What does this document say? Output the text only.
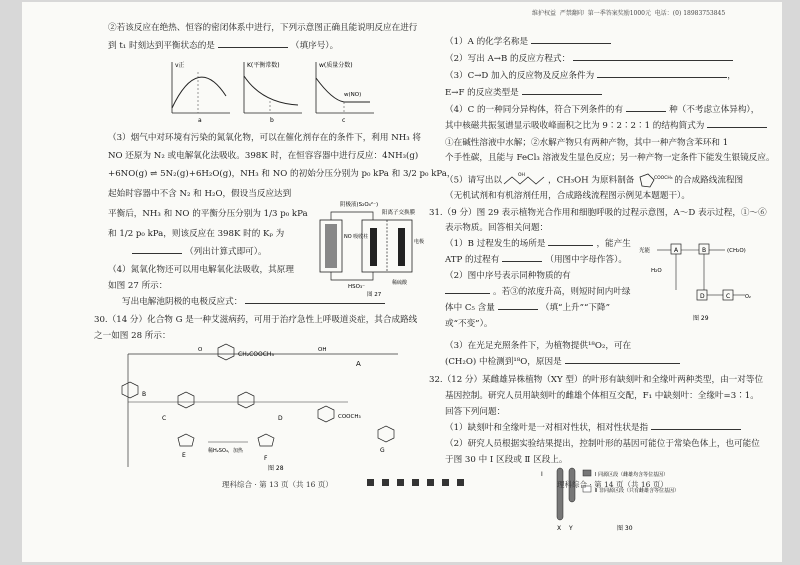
②若该反应在绝热、恒容的密闭体系中进行，下列示意图正确且能说明反应在进行
到 t₁ 时刻达到平衡状态的是	（填序号）。
v正
a
K(平衡常数)
b
w(质量分数)
w(NO)
c
（3）烟气中对环境有污染的氮氧化物，可以在催化剂存在的条件下，利用 NH₃ 将
NO 还原为 N₂ 或电解氧化法吸收。398K 时，在恒容容器中进行反应：4NH₃(g)
+6NO(g) ⇌ 5N₂(g)+6H₂O(g)，NH₃ 和 NO 的初始分压分别为 p₀ kPa 和 3/2 p₀ kPa，
起始时容器中不含 N₂ 和 H₂O，假设当反应达到
平衡后，NH₃ 和 NO 的平衡分压分别为 1/3 p₀ kPa
和 1/2 p₀ kPa，则该反应在 398K 时的 Kₚ 为
（列出计算式即可）。
（4）氮氧化物还可以用电解氧化法吸收，其原理
如图 27 所示：
写出电解池阴极的电极反应式：
阴极液(S₂O₄²⁻)
阳离子交换膜
NO 吸收柱
HSO₃⁻
电极
稀硫酸
图 27
30.（14 分）化合物 G 是一种艾滋病药，可用于治疗急性上呼吸道炎症，其合成路线
之一如图 28 所示：
O
CH₂COOCH₃
OH
A
B
C	D	COOCH₃
G
E
稀H₂SO₄，加热
F
图 28
理科综合 · 第 13 页（共 16 页）
维护权益 严禁翻印 第一季答案奖励1000元 电话：(0) 18983753845
（1）A 的化学名称是
（2）写出 A→B 的反应方程式：
（3）C→D 加入的反应物及反应条件为	，
E→F 的反应类型是
（4）C 的一种同分异构体，符合下列条件的有	种（不考虑立体异构），
其中核磁共振氢谱显示吸收峰面积之比为 9∶2∶2∶1 的结构简式为
①在碱性溶液中水解；②水解产物只有两种产物，其中一种产物含苯环和 1
个手性碳，且能与 FeCl₃ 溶液发生显色反应；另一种产物一定条件下能发生银镜反应。
（5）请写出以	OH	，CH₃OH 为原料制备	COOCH₃ 的合成路线流程图
（无机试剂和有机溶剂任用，合成路线流程图示例见本题题干）。
31.（9 分）图 29 表示植物光合作用和细胞呼吸的过程示意图，A～D 表示过程，①～⑥
表示物质。回答相关问题：
（1）B 过程发生的场所是	，能产生
ATP 的过程有	（用图中字母作答）。
（2）图中序号表示同种物质的有
。若③的浓度升高，则短时间内叶绿
体中 C₅ 含量	（填“上升”“下降”
或“不变”）。
（3）在光足充照条件下，为植物提供¹⁸O₂，可在
(CH₂O) 中检测到¹⁸O，原因是
光能	A	B	(CH₂O)
H₂O
D	C	O₂
图 29
32.（12 分）某雌雄异株植物（XY 型）的叶形有缺刻叶和全缘叶两种类型，由一对等位
基因控制。研究人员用缺刻叶的雌雄个体相互交配，F₁ 中缺刻叶：全缘叶=3∶1。
回答下列问题：
（1）缺刻叶和全缘叶是一对相对性状，相对性状是指
（2）研究人员根据实验结果提出，控制叶形的基因可能位于常染色体上，也可能位
于图 30 中 Ⅰ 区段或 Ⅱ 区段上。
Ⅰ
X Y
Ⅰ 同源区段（雌雄均含等位基因）
Ⅱ 非同源区段（只有雌雄含等位基因）
图 30
理科综合 · 第 14 页（共 16 页）
